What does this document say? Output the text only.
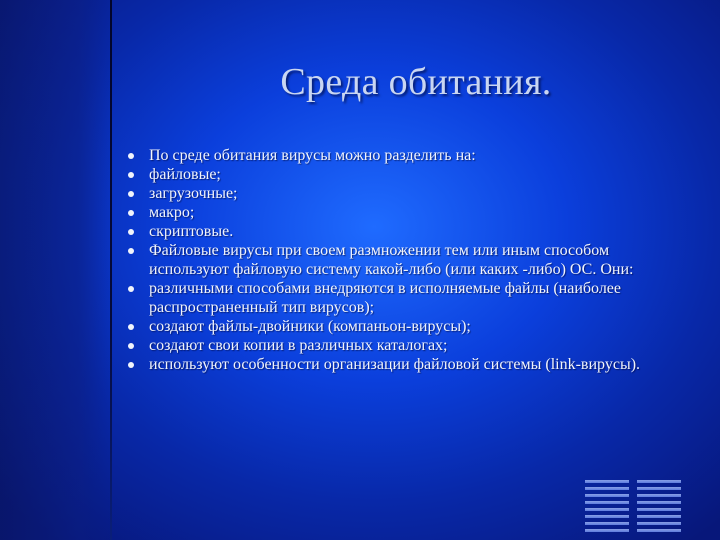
Среда обитания.
По среде обитания вирусы можно разделить на:
файловые;
загрузочные;
макро;
скриптовые.
Файловые вирусы при своем размножении тем или иным способом используют файловую систему какой-либо (или каких -либо) ОС. Они:
различными способами внедряются в исполняемые файлы (наиболее распространенный тип вирусов);
создают файлы-двойники (компаньон-вирусы);
создают свои копии в различных каталогах;
используют особенности организации файловой системы (link-вирусы).
